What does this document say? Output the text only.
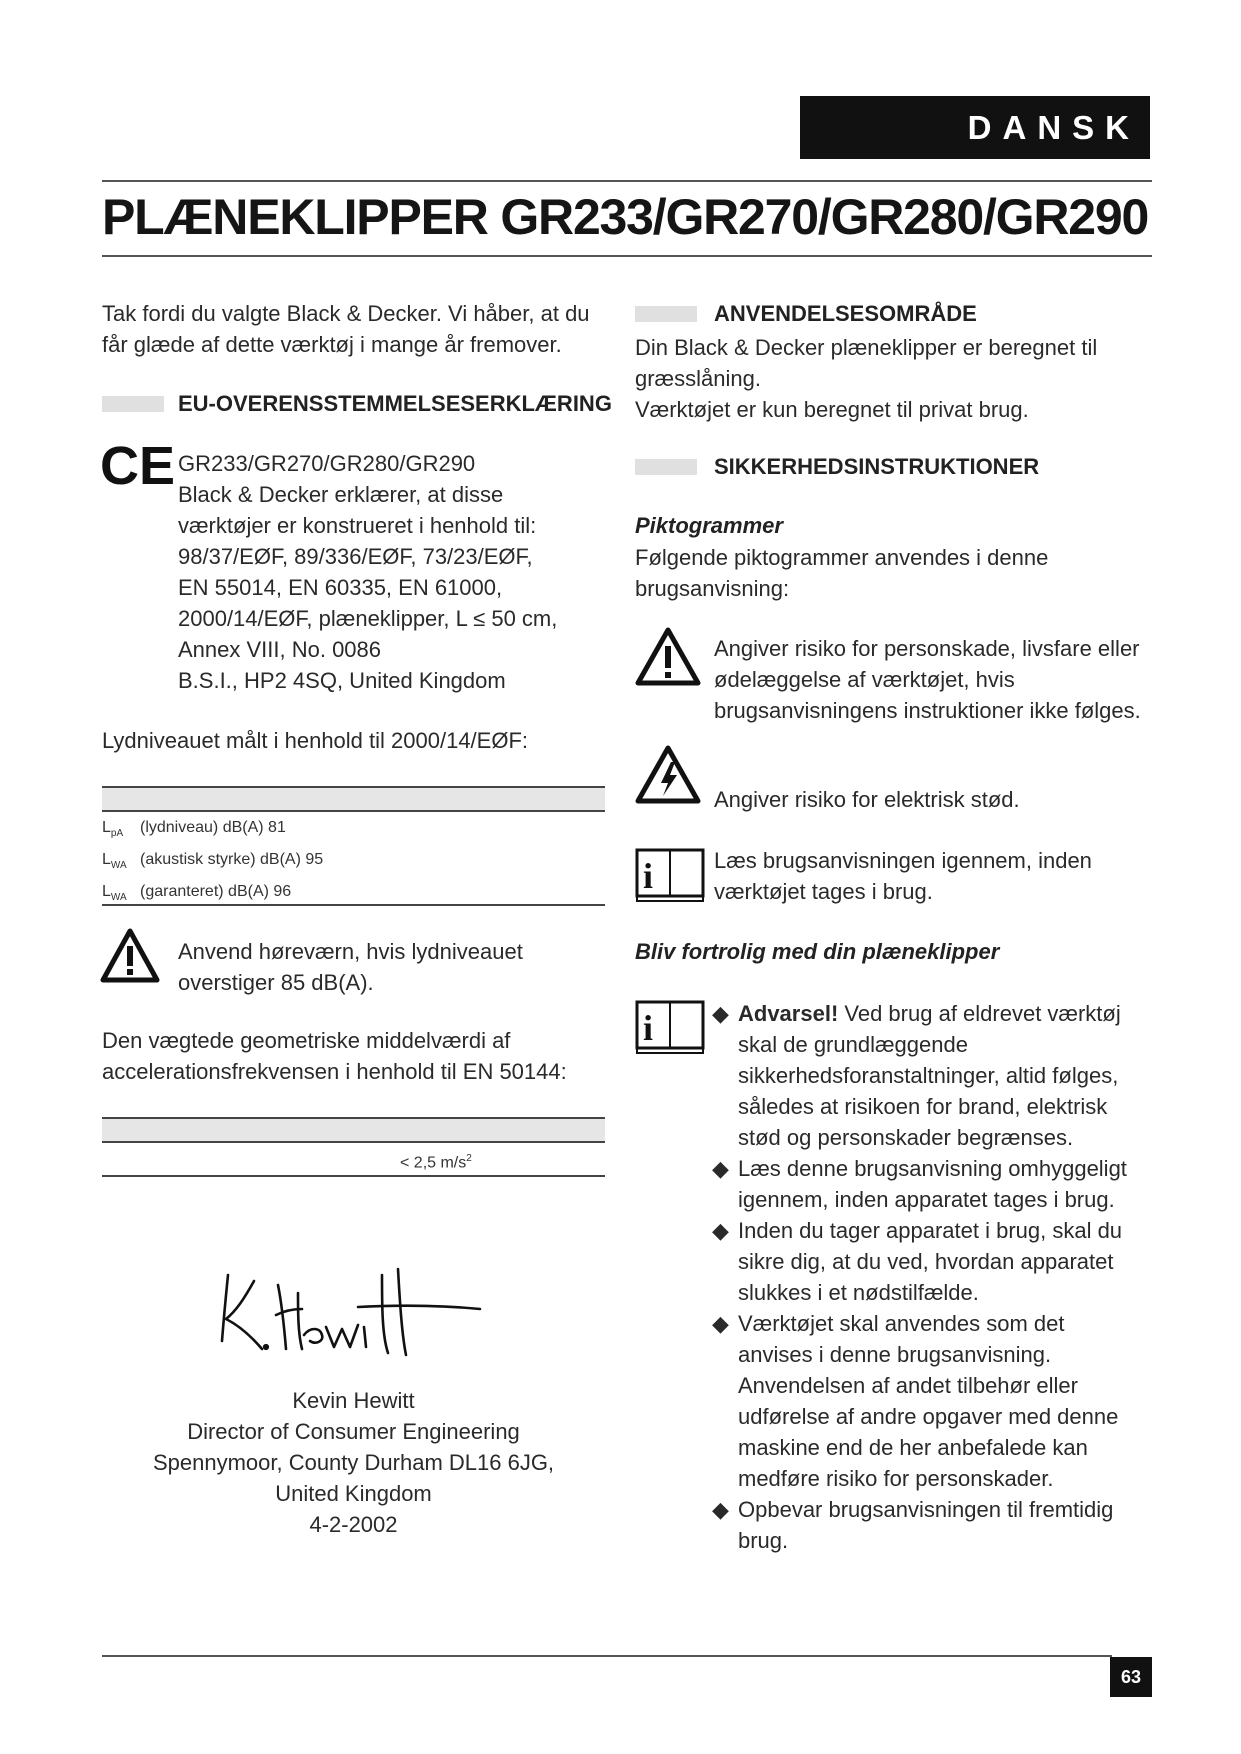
DANSK
PLÆNEKLIPPER GR233/GR270/GR280/GR290
Tak fordi du valgte Black & Decker. Vi håber, at du får glæde af dette værktøj i mange år fremover.
EU-OVERENSSTEMMELSESERKLÆRING
CE GR233/GR270/GR280/GR290
Black & Decker erklærer, at disse
værktøjer er konstrueret i henhold til:
98/37/EØF, 89/336/EØF, 73/23/EØF,
EN 55014, EN 60335, EN 61000,
2000/14/EØF, plæneklipper, L ≤ 50 cm,
Annex VIII, No. 0086
B.S.I., HP2 4SQ, United Kingdom
Lydniveauet målt i henhold til 2000/14/EØF:
$L_{pA}$ (lydniveau) dB(A) 81
$L_{WA}$ (akustisk styrke) dB(A) 95
$L_{WA}$ (garanteret) dB(A) 96
Anvend høreværn, hvis lydniveauet overstiger 85 dB(A).
Den vægtede geometriske middelværdi af accelerationsfrekvensen i henhold til EN 50144:
< 2,5 $m/s^2$
K. Hewitt
Kevin Hewitt
Director of Consumer Engineering
Spennymoor, County Durham DL16 6JG,
United Kingdom
4-2-2002
ANVENDELSESOMRÅDE
Din Black & Decker plæneklipper er beregnet til græsslåning.
Værktøjet er kun beregnet til privat brug.
SIKKERHEDSINSTRUKTIONER
Piktogrammer
Følgende piktogrammer anvendes i denne brugsanvisning:
Angiver risiko for personskade, livsfare eller ødelæggelse af værktøjet, hvis brugsanvisningens instruktioner ikke følges.
Angiver risiko for elektrisk stød.
i	Læs brugsanvisningen igennem, inden værktøjet tages i brug.
Bliv fortrolig med din plæneklipper
i	◆ Advarsel! Ved brug af eldrevet værktøj skal de grundlæggende sikkerhedsforanstaltninger, altid følges, således at risikoen for brand, elektrisk stød og personskader begrænses.
◆ Læs denne brugsanvisning omhyggeligt igennem, inden apparatet tages i brug.
◆ Inden du tager apparatet i brug, skal du sikre dig, at du ved, hvordan apparatet slukkes i et nødstilfælde.
◆ Værktøjet skal anvendes som det anvises i denne brugsanvisning. Anvendelsen af andet tilbehør eller udførelse af andre opgaver med denne maskine end de her anbefalede kan medføre risiko for personskader.
◆ Opbevar brugsanvisningen til fremtidig brug.
63
